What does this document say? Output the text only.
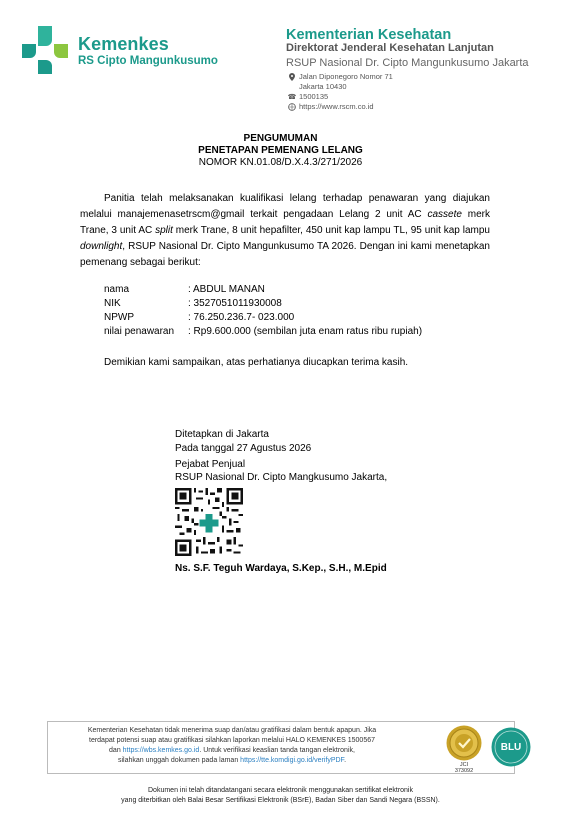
Kemenkes
RS Cipto Mangunkusumo
Kementerian Kesehatan
Direktorat Jenderal Kesehatan Lanjutan
RSUP Nasional Dr. Cipto Mangunkusumo Jakarta
Jalan Diponegoro Nomor 71
Jakarta 10430
☎ 1500135
https://www.rscm.co.id
PENGUMUMAN
PENETAPAN PEMENANG LELANG
NOMOR KN.01.08/D.X.4.3/271/2026
Panitia telah melaksanakan kualifikasi lelang terhadap penawaran yang diajukan melalui manajemenasetrscm@gmail terkait pengadaan Lelang 2 unit AC cassete merk Trane, 3 unit AC split merk Trane, 8 unit hepafilter, 450 unit kap lampu TL, 95 unit kap lampu downlight, RSUP Nasional Dr. Cipto Mangunkusumo TA 2026. Dengan ini kami menetapkan pemenang sebagai berikut:
nama	: ABDUL MANAN
NIK	: 3527051011930008
NPWP	: 76.250.236.7- 023.000
nilai penawaran : Rp9.600.000 (sembilan juta enam ratus ribu rupiah)
Demikian kami sampaikan, atas perhatianya diucapkan terima kasih.
Ditetapkan di Jakarta
Pada tanggal 27 Agustus 2026
Pejabat Penjual
RSUP Nasional Dr. Cipto Mangkusumo Jakarta,
Ns. S.F. Teguh Wardaya, S.Kep., S.H., M.Epid
Kementerian Kesehatan tidak menerima suap dan/atau gratifikasi dalam bentuk apapun. Jika
terdapat potensi suap atau gratifikasi silahkan laporkan melalui HALO KEMENKES 1500567
dan https://wbs.kemkes.go.id. Untuk verifikasi keaslian tanda tangan elektronik,
silahkan unggah dokumen pada laman https://tte.komdigi.go.id/verifyPDF.
JCI
373092
BLU
Dokumen ini telah ditandatangani secara elektronik menggunakan sertifikat elektronik
yang diterbitkan oleh Balai Besar Sertifikasi Elektronik (BSrE), Badan Siber dan Sandi Negara (BSSN).
